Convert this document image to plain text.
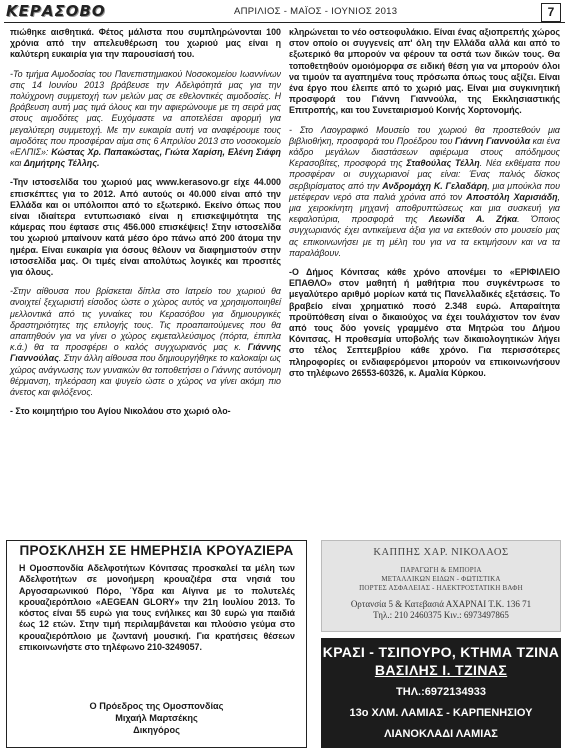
ΚΕΡΑΣΟΒΟ	ΑΠΡΙΛΙΟΣ - ΜΑΪΟΣ - ΙΟΥΝΙΟΣ 2013	7

πιώθηκε αισθητικά. Φέτος μάλιστα που συμπληρώνονται 100 χρόνια από την απελευθέρωση του χωριού μας είναι η καλύτερη ευκαιρία για την παρουσίασή του.

-Το τμήμα Αιμοδοσίας του Πανεπιστημιακού Νοσοκομείου Ιωαννίνων στις 14 Ιουνίου 2013 βράβευσε την Αδελφότητά μας για την πολύχρονη συμμετοχή των μελών μας σε εθελοντικές αιμοδοσίες. Η βράβευση αυτή μας τιμά όλους και την αφιερώνουμε με τη σειρά μας στους αιμοδότες μας. Ευχόμαστε να αποτελέσει αφορμή για μεγαλύτερη συμμετοχή. Με την ευκαιρία αυτή να αναφέρουμε τους αιμοδότες που προσφέραν αίμα στις 6 Απριλίου 2013 στο νοσοκομείο «ΕΛΠΙΣ»: Κώστας Χρ. Παπακώστας, Γιώτα Χαρίση, Ελένη Σιάφη και Δημήτρης Τέλλης.

-Την ιστοσελίδα του χωριού μας www.kerasovo.gr είχε 44.000 επισκέπτες για το 2012. Από αυτούς οι 40.000 είναι από την Ελλάδα και οι υπόλοιποι από το εξωτερικό. Εκείνο όπως που είναι ιδιαίτερα εντυπωσιακό είναι η επισκεψιμότητα της κάμερας που έφτασε στις 456.000 επισκέψεις! Στην ιστοσελίδα του χωριού μπαίνουν κατά μέσο όρο πάνω από 200 άτομα την ημέρα. Είναι ευκαιρία για όσους θέλουν να διαφημιστούν στην ιστοσελίδα μας. Οι τιμές είναι απολύτως λογικές και προσιτές για όλους.

-Στην αίθουσα που βρίσκεται δίπλα στο Ιατρείο του χωριού θα ανοιχτεί ξεχωριστή είσοδος ώστε ο χώρος αυτός να χρησιμοποιηθεί μελλοντικά από τις γυναίκες του Κερασόβου για δημιουργικές δραστηριότητες της επιλογής τους. Τις προαπαιτούμενες που θα απαιτηθούν για να γίνει ο χώρος εκμεταλλεύσιμος (πόρτα, έπιπλα κ.ά.) θα τα προσφέρει ο καλός συγχωριανός μας κ. Γιάννης Γιαννούλας. Στην άλλη αίθουσα που δημιουργήθηκε το καλοκαίρι ως χώρος ανάγνωσης των γυναικών θα τοποθετήσει ο Γιάννης αυτόνομη θέρμανση, τηλεόραση και ψυγείο ώστε ο χώρος να γίνει ακόμη πιο άνετος και φιλόξενος.

- Στο κοιμητήριο του Αγίου Νικολάου στο χωριό ολο-

κληρώνεται το νέο οστεοφυλάκιο. Είναι ένας αξιοπρεπής χώρος στον οποίο οι συγγενείς απ' όλη την Ελλάδα αλλά και από το εξωτερικό θα μπορούν να φέρουν τα οστά των δικών τους. Θα τοποθετηθούν ομοιόμορφα σε ειδική θέση για να μπορούν όλοι να τιμούν τα αγαπημένα τους πρόσωπα όπως τους αξίζει. Είναι ένα έργο που έλειπε από το χωριό μας. Είναι μια συγκινητική προσφορά του Γιάννη Γιαννούλα, της Εκκλησιαστικής Επιτροπής, και του Συνεταιρισμού Κοινής Χορτονομής.

- Στο Λαογραφικό Μουσείο του χωριού θα προστεθούν μια βιβλιοθήκη, προσφορά του Προέδρου του Γιάννη Γιαννούλα και ένα κάδρο μεγάλων διαστάσεων αφιέρωμα στους απόδημους Κερασοβίτες, προσφορά της Σταθούλας Τέλλη. Νέα εκθέματα που προσφέραν οι συγχωριανοί μας είναι: Ένας παλιός δίσκος σερβιρίσματος από την Ανδρομάχη Κ. Γελαδάρη, μια μπούκλα που μετέφεραν νερό στα παλιά χρόνια από τον Αποστόλη Χαρισιάδη, μια χειροκίνητη μηχανή αποθρυπτώσεως και μια συσκευή για κεφαλοτύρια, προσφορά της Λεωνίδα Α. Ζήκα. Όποιος συγχωριανός έχει αντικείμενα άξια για να εκτεθούν στο μουσείο μας ας επικοινωνήσει με τη μέλη του για να τα εκτιμήσουν και να τα παραλάβουν.

-Ο Δήμος Κόνιτσας κάθε χρόνο απονέμει το «ΕΡΙΦΙΛΕΙΟ ΕΠΑΘΛΟ» στον μαθητή ή μαθήτρια που συγκέντρωσε το μεγαλύτερο αριθμό μορίων κατά τις Πανελλαδικές εξετάσεις. Το βραβείο είναι χρηματικό ποσό 2.348 ευρώ. Απαραίτητα προϋπόθεση είναι ο δικαιούχος να έχει τουλάχιστον τον έναν από τους δύο γονείς γραμμένο στα Μητρώα του Δήμου Κόνιτσας. Η προθεσμία υποβολής των δικαιολογητικών λήγει στο τέλος Σεπτεμβρίου κάθε χρόνο. Για περισσότερες πληροφορίες οι ενδιαφερόμενοι μπορούν να επικοινωνήσουν στο τηλέφωνο 26553-60326, κ. Αμαλία Κύρκου.

ΠΡΟΣΚΛΗΣΗ ΣΕ ΗΜΕΡΗΣΙΑ ΚΡΟΥΑΖΙΕΡΑ
Η Ομοσπονδία Αδελφοτήτων Κόνιτσας προσκαλεί τα μέλη των Αδελφοτήτων σε μονοήμερη κρουαζιέρα στα νησιά του Αργοσαρωνικού Πόρο, Ύδρα και Αίγινα με το πολυτελές κρουαζιερόπλοιο «AEGEAN GLORY» την 21η Ιουλίου 2013. Το κόστος είναι 55 ευρώ για τους ενήλικες και 30 ευρώ για παιδιά έως 12 ετών. Στην τιμή περιλαμβάνεται και πλούσιο γεύμα στο κρουαζιερόπλοιο με ζωντανή μουσική. Για κρατήσεις θέσεων επικοινωνήστε στο τηλέφωνο 210-3249057.
Ο Πρόεδρος της Ομοσπονδίας
Μιχαήλ Μαρτσέκης
Δικηγόρος
ΚΑΠΠΗΣ ΧΑΡ. ΝΙΚΟΛΑΟΣ
ΠΑΡΑΓΩΓΗ & ΕΜΠΟΡΙΑ
ΜΕΤΑΛΛΙΚΩΝ ΕΙΔΩΝ - ΦΩΤΙΣΤΙΚΑ
ΠΟΡΤΕΣ ΑΣΦΑΛΕΙΑΣ - ΗΛΕΚΤΡΟΣΤΑΤΙΚΗ ΒΑΦΗ
Ορτανσία 5 & Κατεβασιά ΑΧΑΡΝΑΙ Τ.Κ. 136 71
Τηλ.: 210 2460375 Κιν.: 6973497865
ΚΡΑΣΙ - ΤΣΙΠΟΥΡΟ, ΚΤΗΜΑ ΤΖΙΝΑ
ΒΑΣΙΛΗΣ Ι. ΤΖΙΝΑΣ
ΤΗΛ.:6972134933
13ο ΧΛΜ. ΛΑΜΙΑΣ - ΚΑΡΠΕΝΗΣΙΟΥ
ΛΙΑΝΟΚΛΑΔΙ ΛΑΜΙΑΣ
